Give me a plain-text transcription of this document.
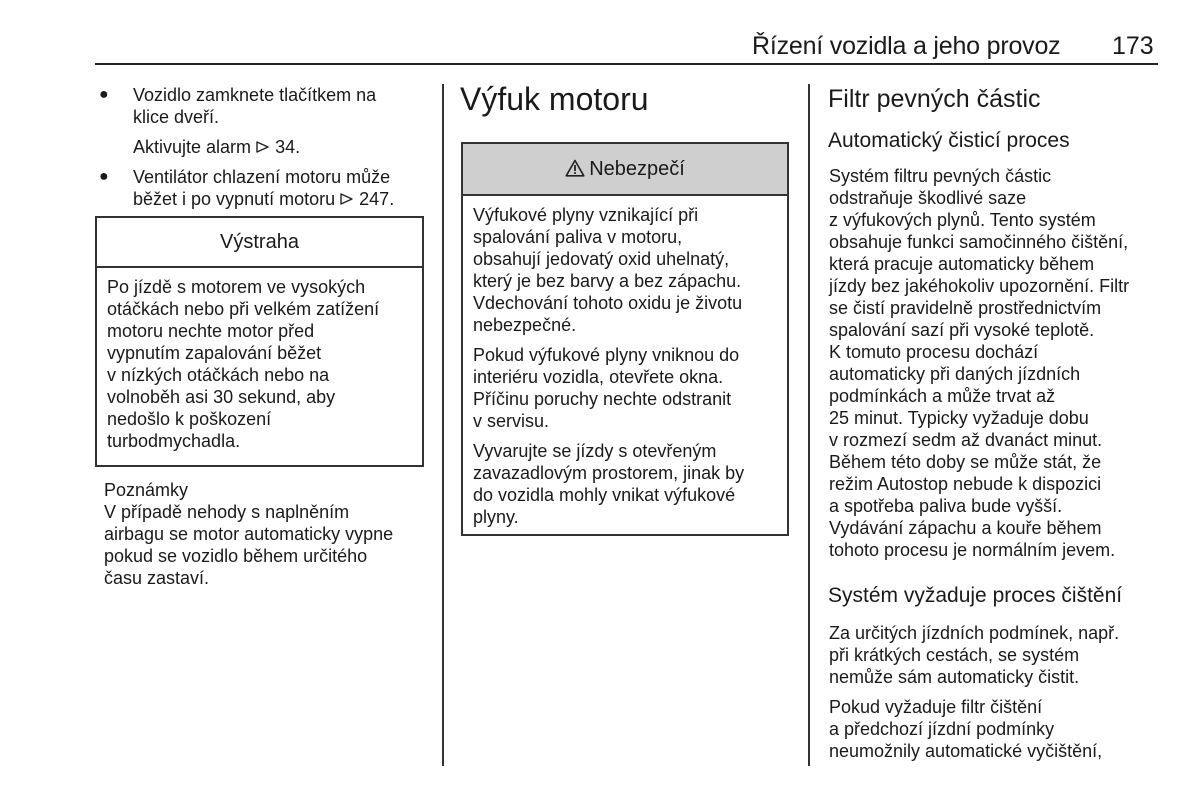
Řízení vozidla a jeho provoz 173
● Vozidlo zamknete tlačítkem na
klice dveří.
Aktivujte alarm 34.
● Ventilátor chlazení motoru může
běžet i po vypnutí motoru 247.
Výstraha
Po jízdě s motorem ve vysokých
otáčkách nebo při velkém zatížení
motoru nechte motor před
vypnutím zapalování běžet
v nízkých otáčkách nebo na
volnoběh asi 30 sekund, aby
nedošlo k poškození
turbodmychadla.
Poznámky
V případě nehody s naplněním
airbagu se motor automaticky vypne
pokud se vozidlo během určitého
času zastaví.
Výfuk motoru
Nebezpečí
Výfukové plyny vznikající při
spalování paliva v motoru,
obsahují jedovatý oxid uhelnatý,
který je bez barvy a bez zápachu.
Vdechování tohoto oxidu je životu
nebezpečné.
Pokud výfukové plyny vniknou do
interiéru vozidla, otevřete okna.
Příčinu poruchy nechte odstranit
v servisu.
Vyvarujte se jízdy s otevřeným
zavazadlovým prostorem, jinak by
do vozidla mohly vnikat výfukové
plyny.
Filtr pevných částic
Automatický čisticí proces
Systém filtru pevných částic
odstraňuje škodlivé saze
z výfukových plynů. Tento systém
obsahuje funkci samočinného čištění,
která pracuje automaticky během
jízdy bez jakéhokoliv upozornění. Filtr
se čistí pravidelně prostřednictvím
spalování sazí při vysoké teplotě.
K tomuto procesu dochází
automaticky při daných jízdních
podmínkách a může trvat až
25 minut. Typicky vyžaduje dobu
v rozmezí sedm až dvanáct minut.
Během této doby se může stát, že
režim Autostop nebude k dispozici
a spotřeba paliva bude vyšší.
Vydávání zápachu a kouře během
tohoto procesu je normálním jevem.
Systém vyžaduje proces čištění
Za určitých jízdních podmínek, např.
při krátkých cestách, se systém
nemůže sám automaticky čistit.
Pokud vyžaduje filtr čištění
a předchozí jízdní podmínky
neumožnily automatické vyčištění,
